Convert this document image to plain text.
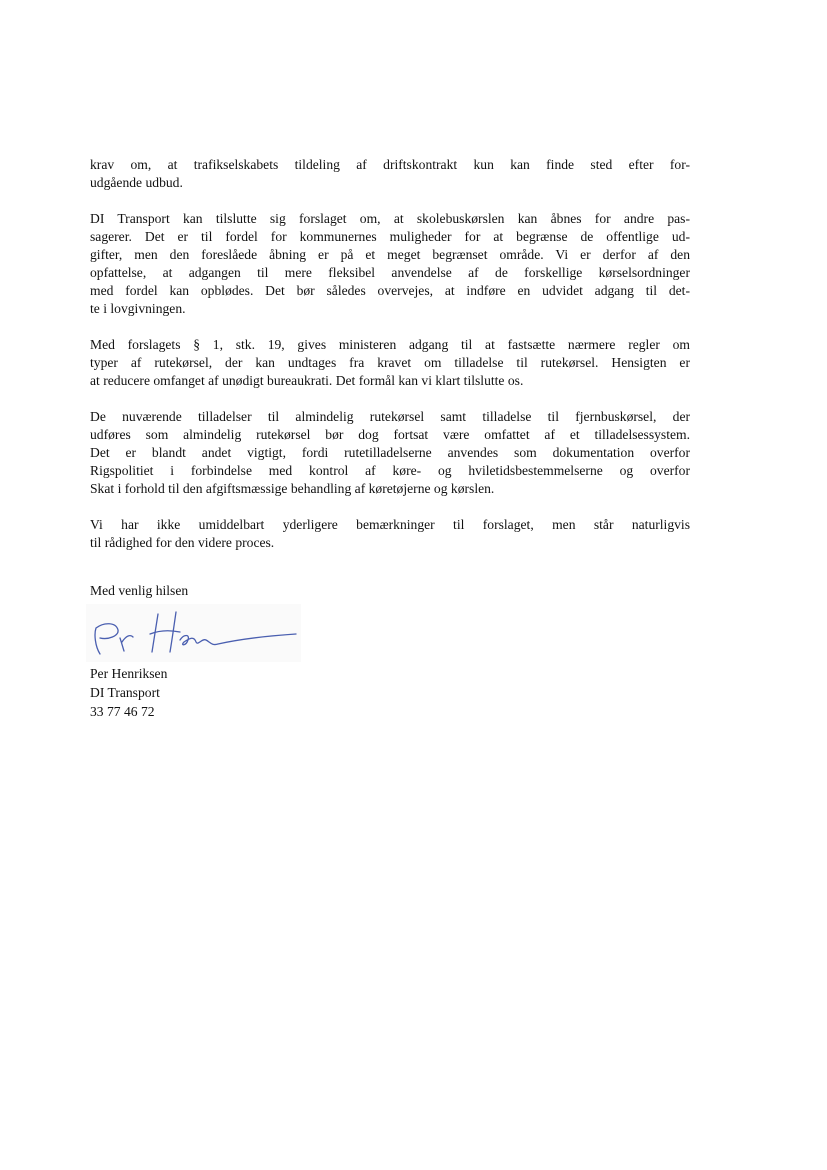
krav om, at trafikselskabets tildeling af driftskontrakt kun kan finde sted efter for-
udgående udbud.
DI Transport kan tilslutte sig forslaget om, at skolebuskørslen kan åbnes for andre pas-
sagerer. Det er til fordel for kommunernes muligheder for at begrænse de offentlige ud-
gifter, men den foreslåede åbning er på et meget begrænset område. Vi er derfor af den
opfattelse, at adgangen til mere fleksibel anvendelse af de forskellige kørselsordninger
med fordel kan opblødes. Det bør således overvejes, at indføre en udvidet adgang til det-
te i lovgivningen.
Med forslagets § 1, stk. 19, gives ministeren adgang til at fastsætte nærmere regler om
typer af rutekørsel, der kan undtages fra kravet om tilladelse til rutekørsel. Hensigten er
at reducere omfanget af unødigt bureaukrati. Det formål kan vi klart tilslutte os.
De nuværende tilladelser til almindelig rutekørsel samt tilladelse til fjernbuskørsel, der
udføres som almindelig rutekørsel bør dog fortsat være omfattet af et tilladelsessystem.
Det er blandt andet vigtigt, fordi rutetilladelserne anvendes som dokumentation overfor
Rigspolitiet i forbindelse med kontrol af køre- og hviletidsbestemmelserne og overfor
Skat i forhold til den afgiftsmæssige behandling af køretøjerne og kørslen.
Vi har ikke umiddelbart yderligere bemærkninger til forslaget, men står naturligvis
til rådighed for den videre proces.
Med venlig hilsen
Per Henriksen
DI Transport
33 77 46 72
